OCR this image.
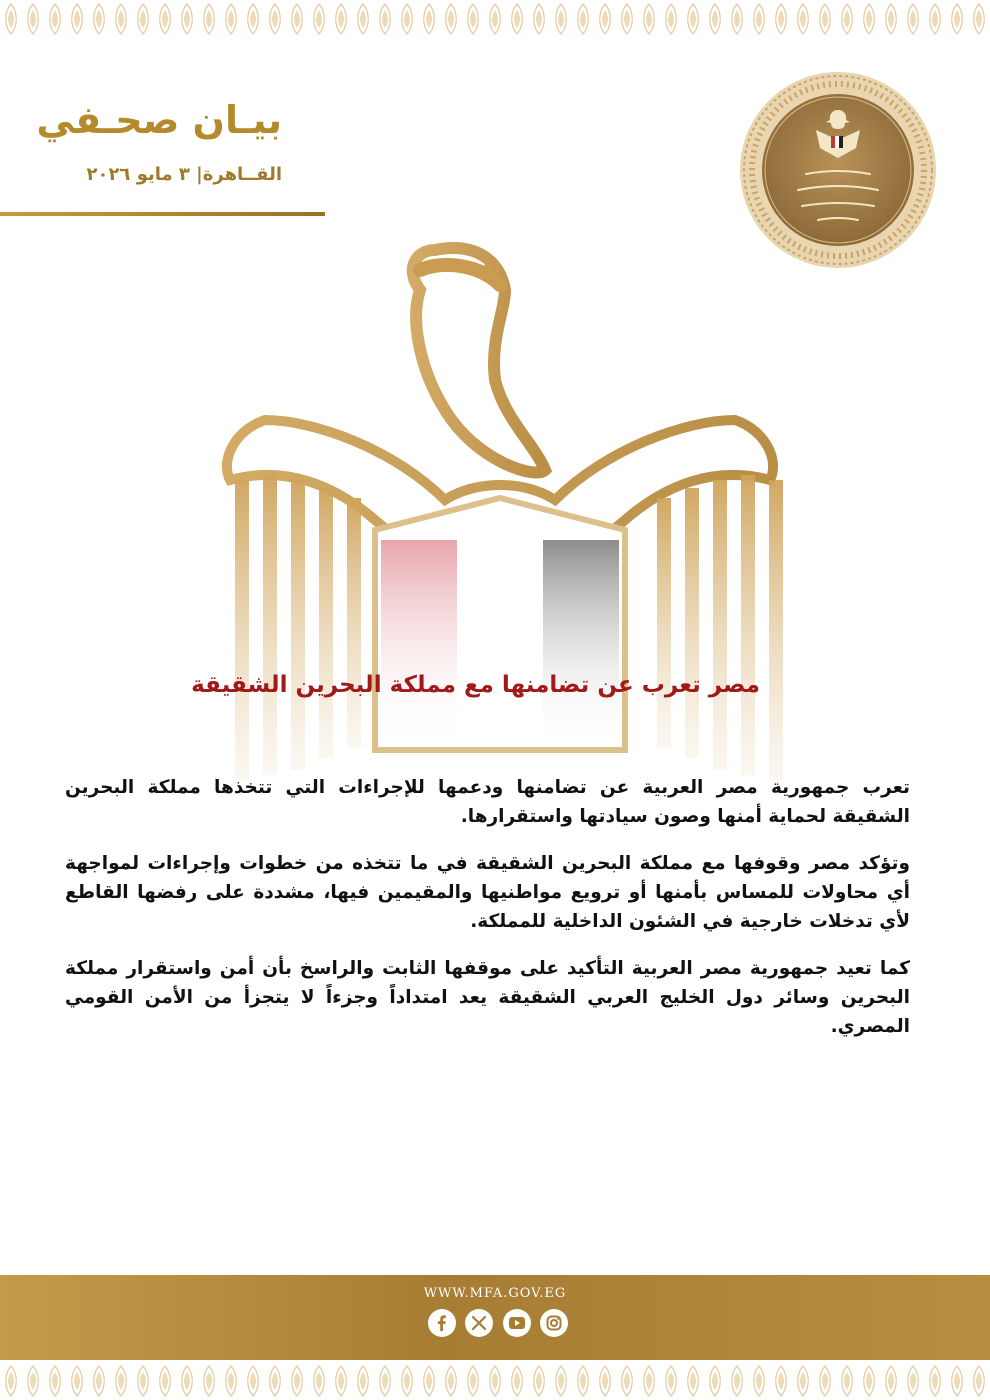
بيـان صحـفي
القــاهرة| ٣ مايو ٢٠٢٦
مصر تعرب عن تضامنها مع مملكة البحرين الشقيقة

تعرب جمهورية مصر العربية عن تضامنها ودعمها للإجراءات التي تتخذها مملكة البحرين الشقيقة لحماية أمنها وصون سيادتها واستقرارها.

وتؤكد مصر وقوفها مع مملكة البحرين الشقيقة في ما تتخذه من خطوات وإجراءات لمواجهة أي محاولات للمساس بأمنها أو ترويع مواطنيها والمقيمين فيها، مشددة على رفضها القاطع لأي تدخلات خارجية في الشئون الداخلية للمملكة.

كما تعيد جمهورية مصر العربية التأكيد على موقفها الثابت والراسخ بأن أمن واستقرار مملكة البحرين وسائر دول الخليج العربي الشقيقة يعد امتداداً وجزءاً لا يتجزأ من الأمن القومي المصري.

WWW.MFA.GOV.EG
